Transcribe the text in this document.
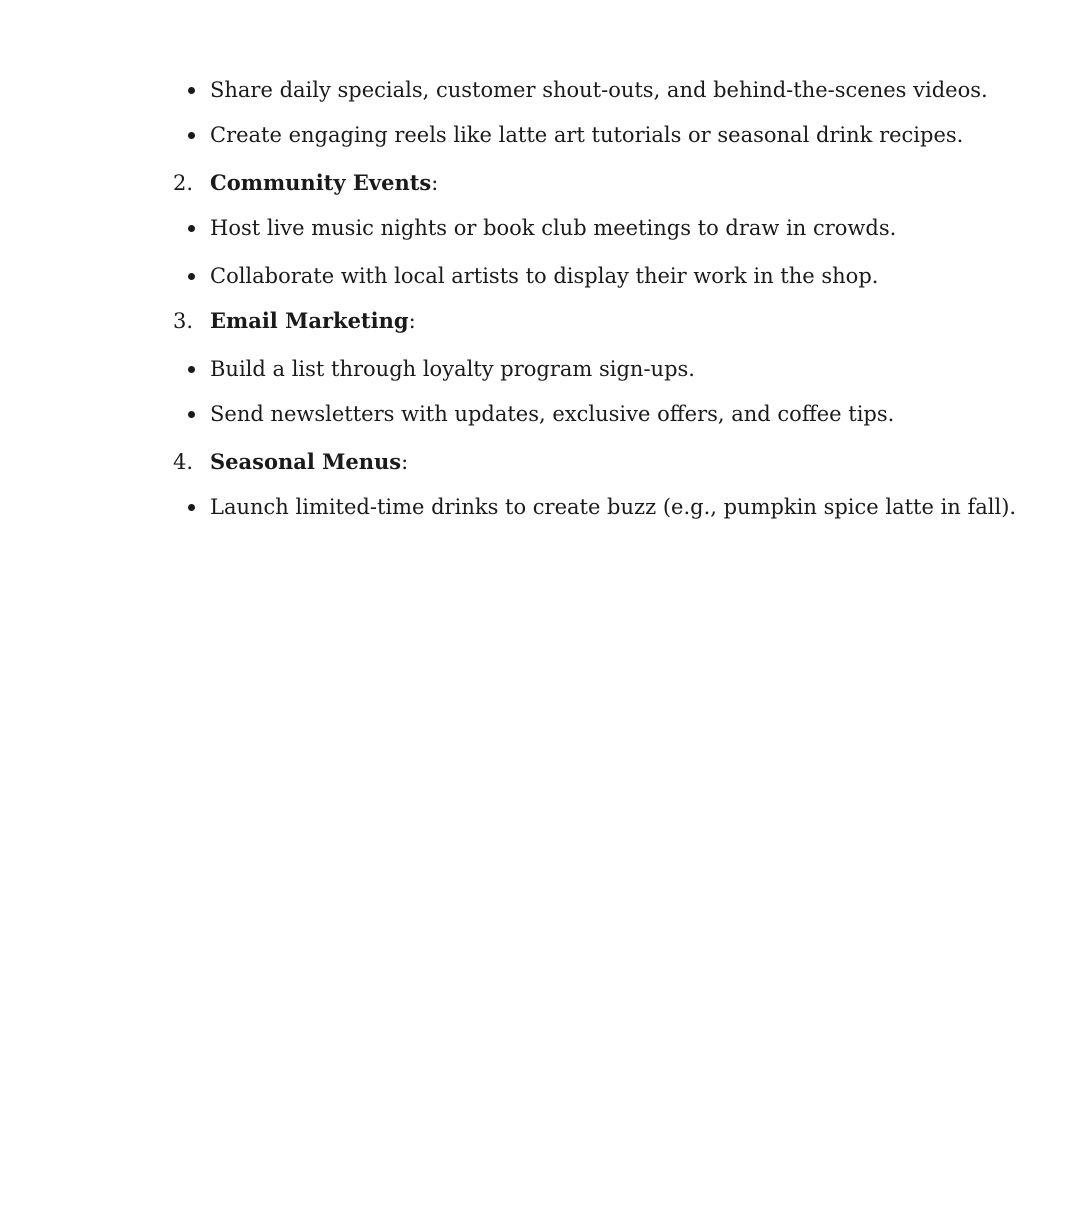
Share daily specials, customer shout-outs, and behind-the-scenes videos.
Create engaging reels like latte art tutorials or seasonal drink recipes.
2. Community Events:
Host live music nights or book club meetings to draw in crowds.
Collaborate with local artists to display their work in the shop.
3. Email Marketing:
Build a list through loyalty program sign-ups.
Send newsletters with updates, exclusive offers, and coffee tips.
4. Seasonal Menus:
Launch limited-time drinks to create buzz (e.g., pumpkin spice latte in fall).
